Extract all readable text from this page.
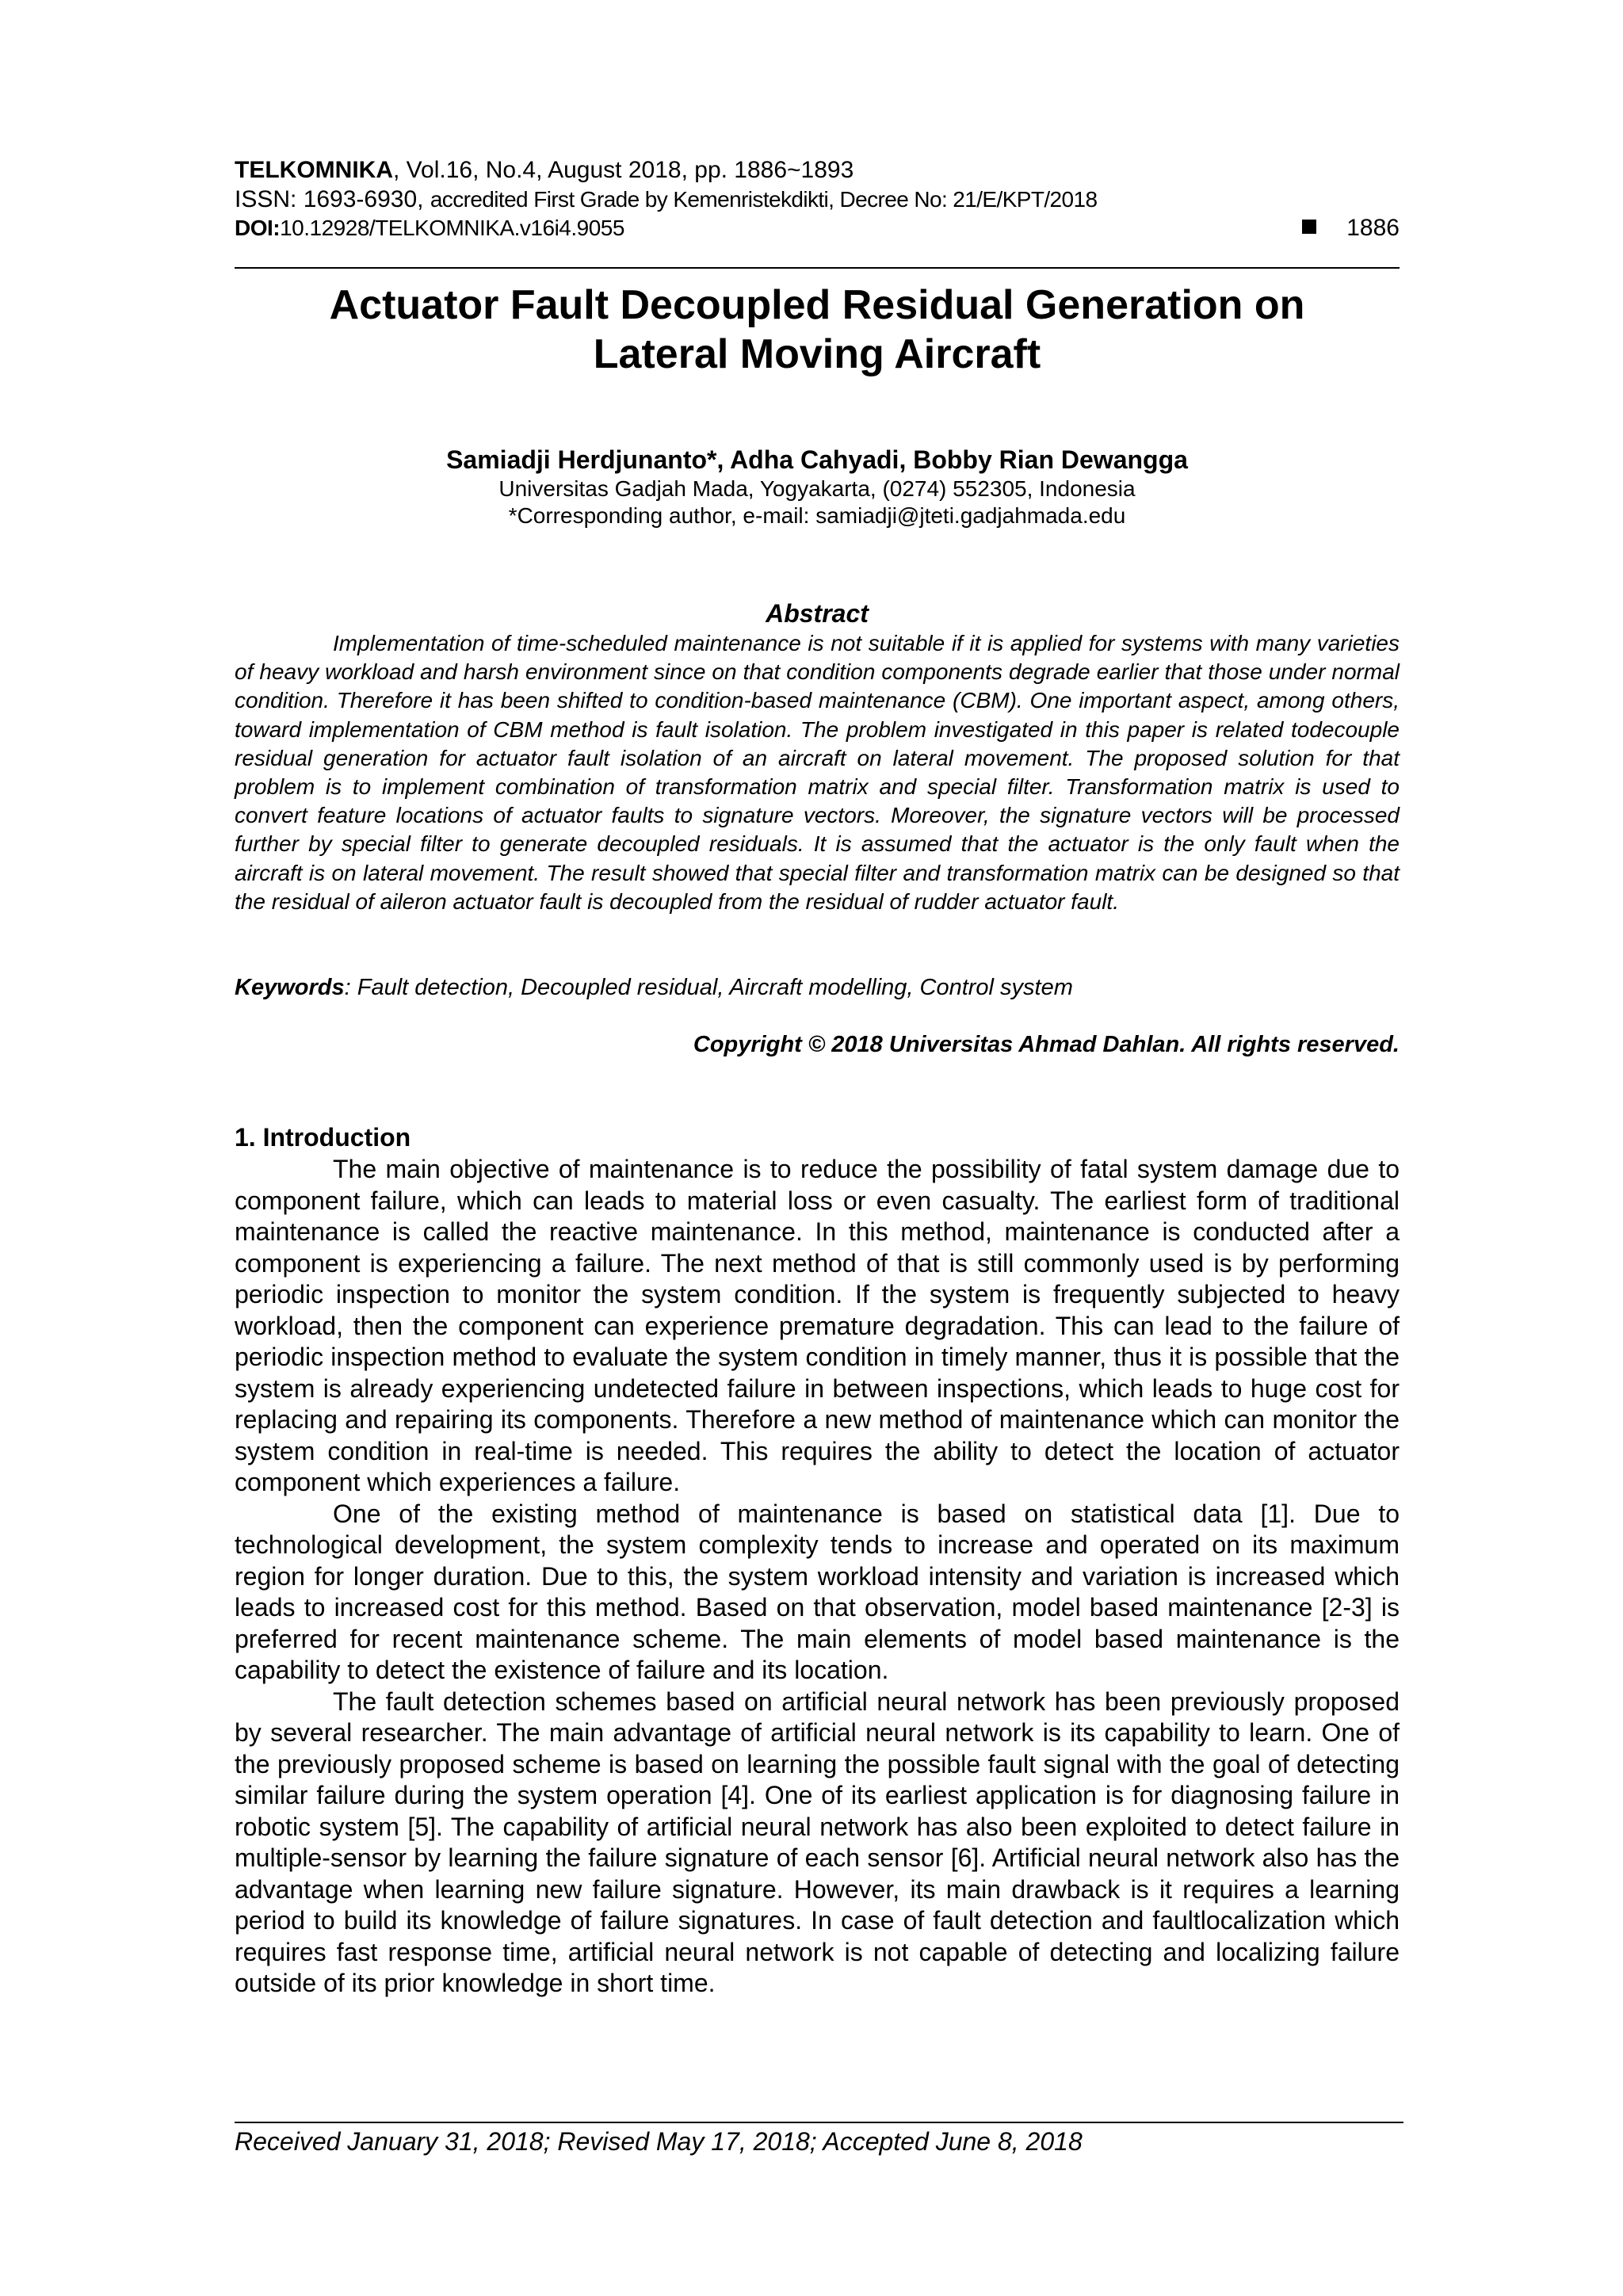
TELKOMNIKA, Vol.16, No.4, August 2018, pp. 1886~1893
ISSN: 1693-6930, accredited First Grade by Kemenristekdikti, Decree No: 21/E/KPT/2018
DOI:10.12928/TELKOMNIKA.v16i4.9055	1886
Actuator Fault Decoupled Residual Generation on
Lateral Moving Aircraft
Samiadji Herdjunanto*, Adha Cahyadi, Bobby Rian Dewangga
Universitas Gadjah Mada, Yogyakarta, (0274) 552305, Indonesia
*Corresponding author, e-mail: samiadji@jteti.gadjahmada.edu
Abstract
Implementation of time-scheduled maintenance is not suitable if it is applied for systems with many varieties of heavy workload and harsh environment since on that condition components degrade earlier that those under normal condition. Therefore it has been shifted to condition-based maintenance (CBM). One important aspect, among others, toward implementation of CBM method is fault isolation. The problem investigated in this paper is related todecouple residual generation for actuator fault isolation of an aircraft on lateral movement. The proposed solution for that problem is to implement combination of transformation matrix and special filter. Transformation matrix is used to convert feature locations of actuator faults to signature vectors. Moreover, the signature vectors will be processed further by special filter to generate decoupled residuals. It is assumed that the actuator is the only fault when the aircraft is on lateral movement. The result showed that special filter and transformation matrix can be designed so that the residual of aileron actuator fault is decoupled from the residual of rudder actuator fault.
Keywords: Fault detection, Decoupled residual, Aircraft modelling, Control system
Copyright © 2018 Universitas Ahmad Dahlan. All rights reserved.
1. Introduction

The main objective of maintenance is to reduce the possibility of fatal system damage due to component failure, which can leads to material loss or even casualty. The earliest form of traditional maintenance is called the reactive maintenance. In this method, maintenance is conducted after a component is experiencing a failure. The next method of that is still commonly used is by performing periodic inspection to monitor the system condition. If the system is frequently subjected to heavy workload, then the component can experience premature degradation. This can lead to the failure of periodic inspection method to evaluate the system condition in timely manner, thus it is possible that the system is already experiencing undetected failure in between inspections, which leads to huge cost for replacing and repairing its components. Therefore a new method of maintenance which can monitor the system condition in real-time is needed. This requires the ability to detect the location of actuator component which experiences a failure.

One of the existing method of maintenance is based on statistical data [1]. Due to technological development, the system complexity tends to increase and operated on its maximum region for longer duration. Due to this, the system workload intensity and variation is increased which leads to increased cost for this method. Based on that observation, model based maintenance [2-3] is preferred for recent maintenance scheme. The main elements of model based maintenance is the capability to detect the existence of failure and its location.

The fault detection schemes based on artificial neural network has been previously proposed by several researcher. The main advantage of artificial neural network is its capability to learn. One of the previously proposed scheme is based on learning the possible fault signal with the goal of detecting similar failure during the system operation [4]. One of its earliest application is for diagnosing failure in robotic system [5]. The capability of artificial neural network has also been exploited to detect failure in multiple-sensor by learning the failure signature of each sensor [6]. Artificial neural network also has the advantage when learning new failure signature. However, its main drawback is it requires a learning period to build its knowledge of failure signatures. In case of fault detection and faultlocalization which requires fast response time, artificial neural network is not capable of detecting and localizing failure outside of its prior knowledge in short time.

Received January 31, 2018; Revised May 17, 2018; Accepted June 8, 2018
